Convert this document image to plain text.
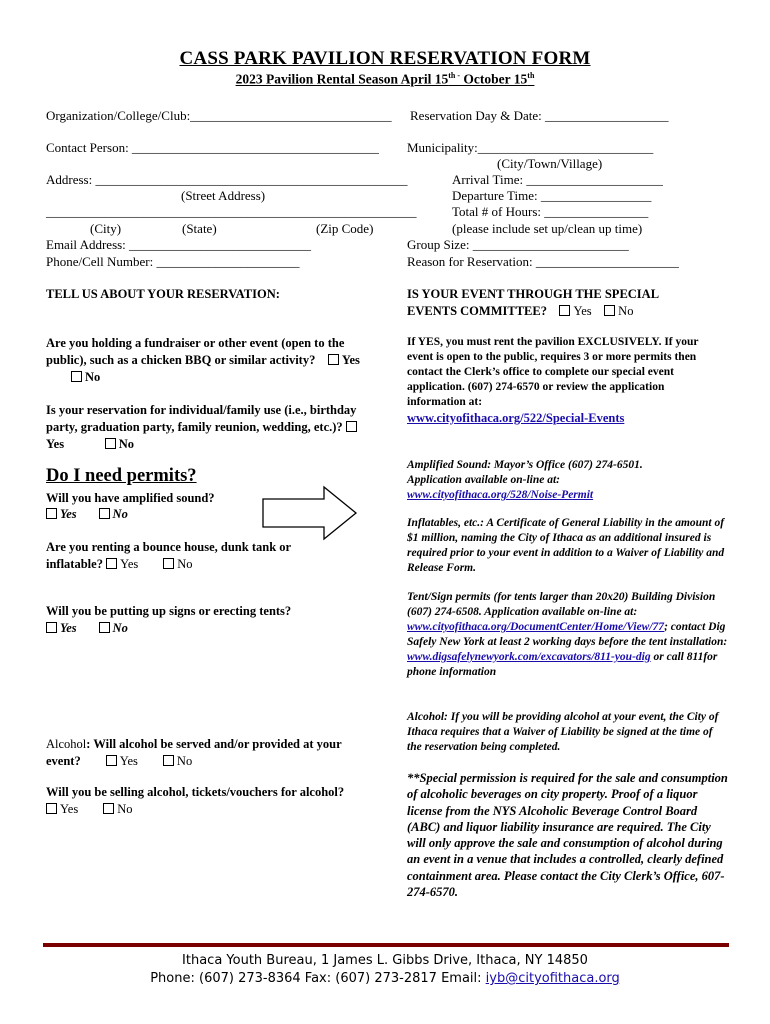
CASS PARK PAVILION RESERVATION FORM
2023 Pavilion Rental Season April $15^{th -}$ October 15th
Organization/College/Club:_______________________________ Reservation Day & Date: ___________________
Contact Person: ______________________________________ Municipality:___________________________
(City/Town/Village)
Address: ________________________________________________	Arrival Time: _____________________
(Street Address)	Departure Time: _________________
_________________________________________________________	Total # of Hours: ________________
(City)	(State)	(Zip Code)	(please include set up/clean up time)
Email Address: ____________________________	Group Size: ________________________
Phone/Cell Number: ______________________	Reason for Reservation: ______________________
TELL US ABOUT YOUR RESERVATION:
Are you holding a fundraiser or other event (open to the public), such as a chicken BBQ or similar activity? Yes         No
Is your reservation for individual/family use (i.e., birthday party, graduation party, family reunion, wedding, etc.)? Yes	No
Do I need permits?
Will you have amplified sound?
Yes	No
Are you renting a bounce house, dunk tank or inflatable? Yes	No
Will you be putting up signs or erecting tents?
Yes	No
Alcohol: Will alcohol be served and/or provided at your event?	Yes	No
Will you be selling alcohol, tickets/vouchers for alcohol? Yes	No
IS YOUR EVENT THROUGH THE SPECIAL EVENTS COMMITTEE? Yes No
If YES, you must rent the pavilion EXCLUSIVELY. If your event is open to the public, requires 3 or more permits then contact the Clerk’s office to complete our special event application. (607) 274-6570 or review the application information at:
www.cityofithaca.org/522/Special-Events
Amplified Sound: Mayor’s Office (607) 274-6501. Application available on-line at: www.cityofithaca.org/528/Noise-Permit
Inflatables, etc.: A Certificate of General Liability in the amount of $1 million, naming the City of Ithaca as an additional insured is required prior to your event in addition to a Waiver of Liability and Release Form.
Tent/Sign permits (for tents larger than 20x20) Building Division (607) 274-6508. Application available on-line at: www.cityofithaca.org/DocumentCenter/Home/View/77; contact Dig Safely New York at least 2 working days before the tent installation: www.digsafelynewyork.com/excavators/811-you-dig or call 811for phone information
Alcohol: If you will be providing alcohol at your event, the City of Ithaca requires that a Waiver of Liability be signed at the time of the reservation being completed.
**Special permission is required for the sale and consumption of alcoholic beverages on city property. Proof of a liquor license from the NYS Alcoholic Beverage Control Board (ABC) and liquor liability insurance are required. The City will only approve the sale and consumption of alcohol during an event in a venue that includes a controlled, clearly defined containment area. Please contact the City Clerk’s Office, 607-274-6570.
Ithaca Youth Bureau, 1 James L. Gibbs Drive, Ithaca, NY 14850
Phone: (607) 273-8364 Fax: (607) 273-2817 Email: iyb@cityofithaca.org
